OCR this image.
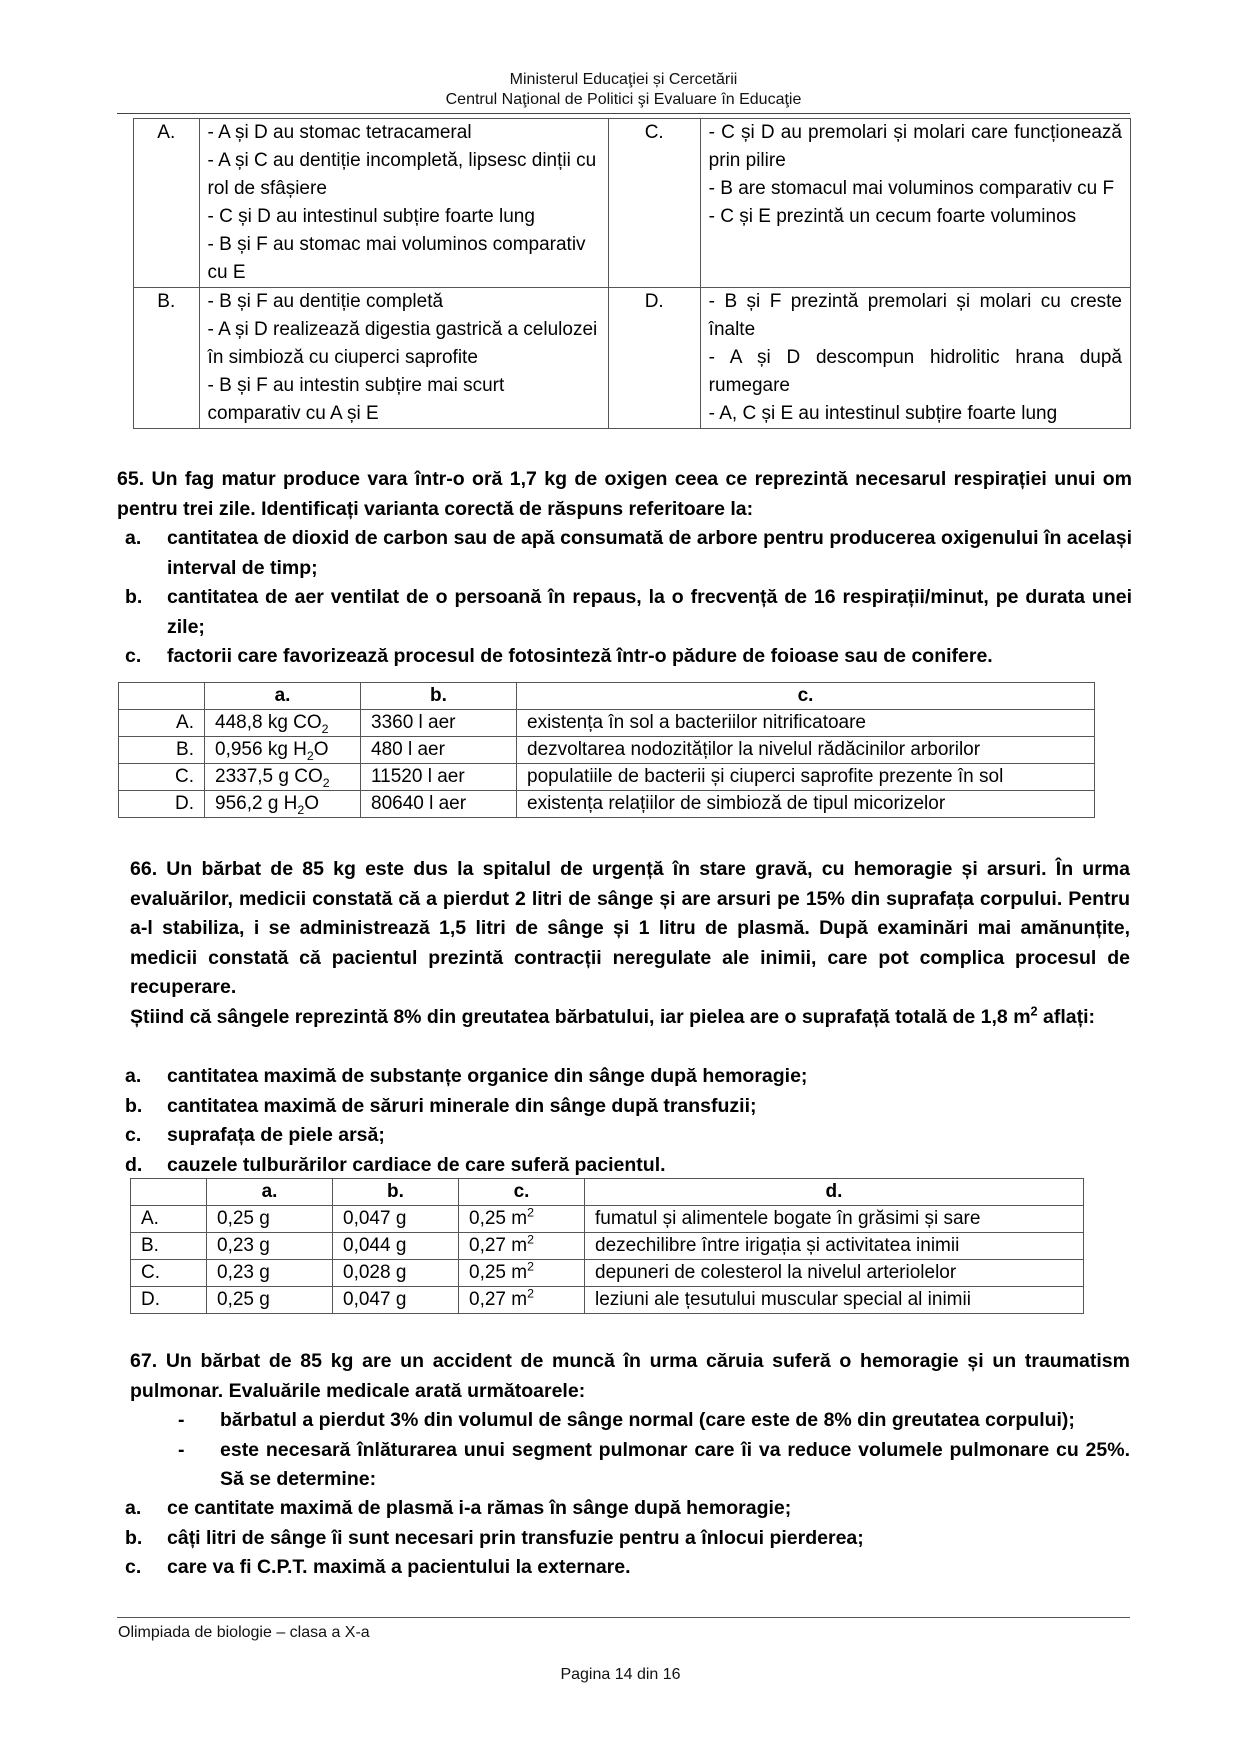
Ministerul Educaţiei și Cercetării
Centrul Naţional de Politici şi Evaluare în Educaţie
A.	- A și D au stomac tetracameral
- A și C au dentiție incompletă, lipsesc dinții cu rol de sfâșiere
- C și D au intestinul subțire foarte lung
- B și F au stomac mai voluminos comparativ cu E
	C.	- C și D au premolari și molari care funcționează prin pilire
- B are stomacul mai voluminos comparativ cu F
- C și E prezintă un cecum foarte voluminos

B.	- B și F au dentiție completă
- A și D realizează digestia gastrică a celulozei în simbioză cu ciuperci saprofite
- B și F au intestin subțire mai scurt comparativ cu A și E
	D.	- B și F prezintă premolari și molari cu creste înalte
- A și D descompun hidrolitic hrana după rumegare
- A, C și E au intestinul subțire foarte lung
65. Un fag matur produce vara într-o oră 1,7 kg de oxigen ceea ce reprezintă necesarul respirației unui om pentru trei zile. Identificați varianta corectă de răspuns referitoare la:
a.	cantitatea de dioxid de carbon sau de apă consumată de arbore pentru producerea oxigenului în același interval de timp;
b.	cantitatea de aer ventilat de o persoană în repaus, la o frecvență de 16 respirații/minut, pe durata unei zile;
c.	factorii care favorizează procesul de fotosinteză într-o pădure de foioase sau de conifere.
	a.	b.	c.
A.	448,8 kg $CO_2$	3360 l aer	existența în sol a bacteriilor nitrificatoare
B.	0,956 kg $H_2O$	480 l aer	dezvoltarea nodozităților la nivelul rădăcinilor arborilor
C.	2337,5 g $CO_2$	11520 l aer	populatiile de bacterii și ciuperci saprofite prezente în sol
D.	956,2 g $H_2O$	80640 l aer	existența relațiilor de simbioză de tipul micorizelor
66. Un bărbat de 85 kg este dus la spitalul de urgență în stare gravă, cu hemoragie și arsuri. În urma evaluărilor, medicii constată că a pierdut 2 litri de sânge și are arsuri pe 15% din suprafața corpului. Pentru a-l stabiliza, i se administrează 1,5 litri de sânge și 1 litru de plasmă. După examinări mai amănunțite, medicii constată că pacientul prezintă contracții neregulate ale inimii, care pot complica procesul de recuperare.
Știind că sângele reprezintă 8% din greutatea bărbatului, iar pielea are o suprafață totală de 1,8 $m^2$ aflați:
a.	cantitatea maximă de substanțe organice din sânge după hemoragie;
b.	cantitatea maximă de săruri minerale din sânge după transfuzii;
c.	suprafața de piele arsă;
d.	cauzele tulburărilor cardiace de care suferă pacientul.
	a.	b.	c.	d.
A.	0,25 g	0,047 g	0,25 $m^2$	fumatul și alimentele bogate în grăsimi și sare
B.	0,23 g	0,044 g	0,27 $m^2$	dezechilibre între irigația și activitatea inimii
C.	0,23 g	0,028 g	0,25 $m^2$	depuneri de colesterol la nivelul arteriolelor
D.	0,25 g	0,047 g	0,27 $m^2$	leziuni ale țesutului muscular special al inimii
67. Un bărbat de 85 kg are un accident de muncă în urma căruia suferă o hemoragie și un traumatism pulmonar. Evaluările medicale arată următoarele:
-	bărbatul a pierdut 3% din volumul de sânge normal (care este de 8% din greutatea corpului);
-	este necesară înlăturarea unui segment pulmonar care îi va reduce volumele pulmonare cu 25%. Să se determine:
a.	ce cantitate maximă de plasmă i-a rămas în sânge după hemoragie;
b.	câți litri de sânge îi sunt necesari prin transfuzie pentru a înlocui pierderea;
c.	care va fi C.P.T. maximă a pacientului la externare.
Olimpiada de biologie – clasa a X-a
Pagina 14 din 16
